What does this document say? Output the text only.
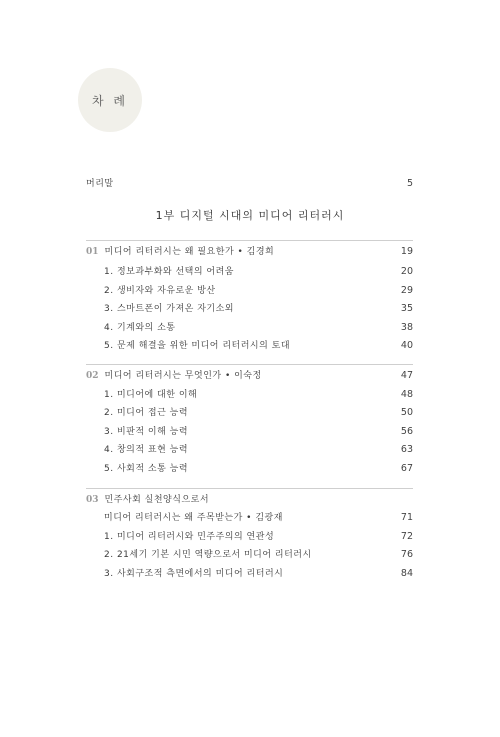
차 례
머리말	5
1부 디지털 시대의 미디어 리터러시
01 미디어 리터러시는 왜 필요한가 • 김경희	19
1. 정보과부화와 선택의 어려움	20
2. 생비자와 자유로운 방산	29
3. 스마트폰이 가져온 자기소외	35
4. 기계와의 소통	38
5. 문제 해결을 위한 미디어 리터러시의 토대	40
02 미디어 리터러시는 무엇인가 • 이숙정	47
1. 미디어에 대한 이해	48
2. 미디어 접근 능력	50
3. 비판적 이해 능력	56
4. 창의적 표현 능력	63
5. 사회적 소통 능력	67
03 민주사회 실천양식으로서
미디어 리터러시는 왜 주목받는가 • 김광재	71
1. 미디어 리터러시와 민주주의의 연관성	72
2. 21세기 기본 시민 역량으로서 미디어 리터러시	76
3. 사회구조적 측면에서의 미디어 리터러시	84
